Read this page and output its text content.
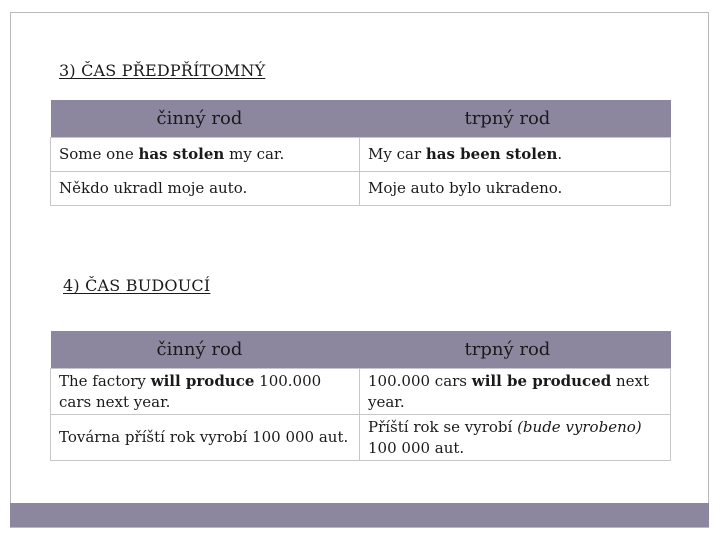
3) ČAS PŘEDPŘÍTOMNÝ
činný rod	trpný rod
Some one has stolen my car.	My car has been stolen.
Někdo ukradl moje auto.	Moje auto bylo ukradeno.
4) ČAS BUDOUCÍ
činný rod	trpný rod
The factory will produce 100.000 cars next year.	100.000 cars will be produced next year.
Továrna příští rok vyrobí 100 000 aut.	Příští rok se vyrobí (bude vyrobeno) 100 000 aut.
